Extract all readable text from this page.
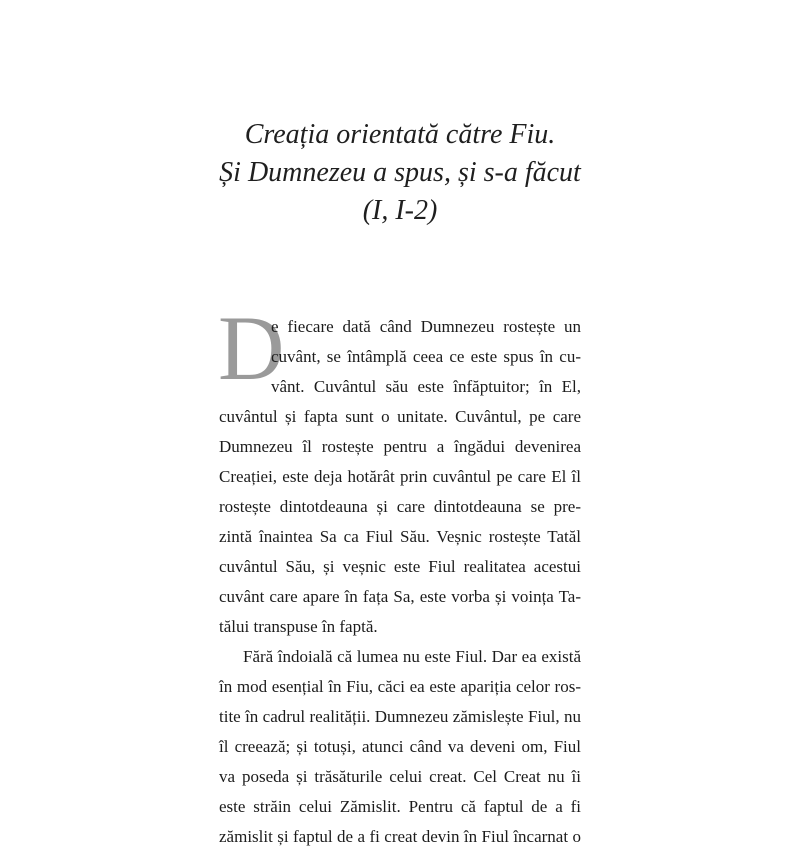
Creația orientată către Fiu.
Și Dumnezeu a spus, și s-a făcut
(I, I-2)
D
e fiecare dată când Dumnezeu rostește un
cuvânt, se întâmplă ceea ce este spus în cu-
vânt. Cuvântul său este înfăptuitor; în El,
cuvântul și fapta sunt o unitate. Cuvântul, pe care
Dumnezeu îl rostește pentru a îngădui devenirea
Creației, este deja hotărât prin cuvântul pe care El îl
rostește dintotdeauna și care dintotdeauna se pre-
zintă înaintea Sa ca Fiul Său. Veșnic rostește Tatăl
cuvântul Său, și veșnic este Fiul realitatea acestui
cuvânt care apare în fața Sa, este vorba și voința Ta-
tălui transpuse în faptă.
Fără îndoială că lumea nu este Fiul. Dar ea există
în mod esențial în Fiu, căci ea este apariția celor ros-
tite în cadrul realității. Dumnezeu zămislește Fiul, nu
îl creează; și totuși, atunci când va deveni om, Fiul
va poseda și trăsăturile celui creat. Cel Creat nu îi
este străin celui Zămislit. Pentru că faptul de a fi
zămislit și faptul de a fi creat devin în Fiul încarnat o
